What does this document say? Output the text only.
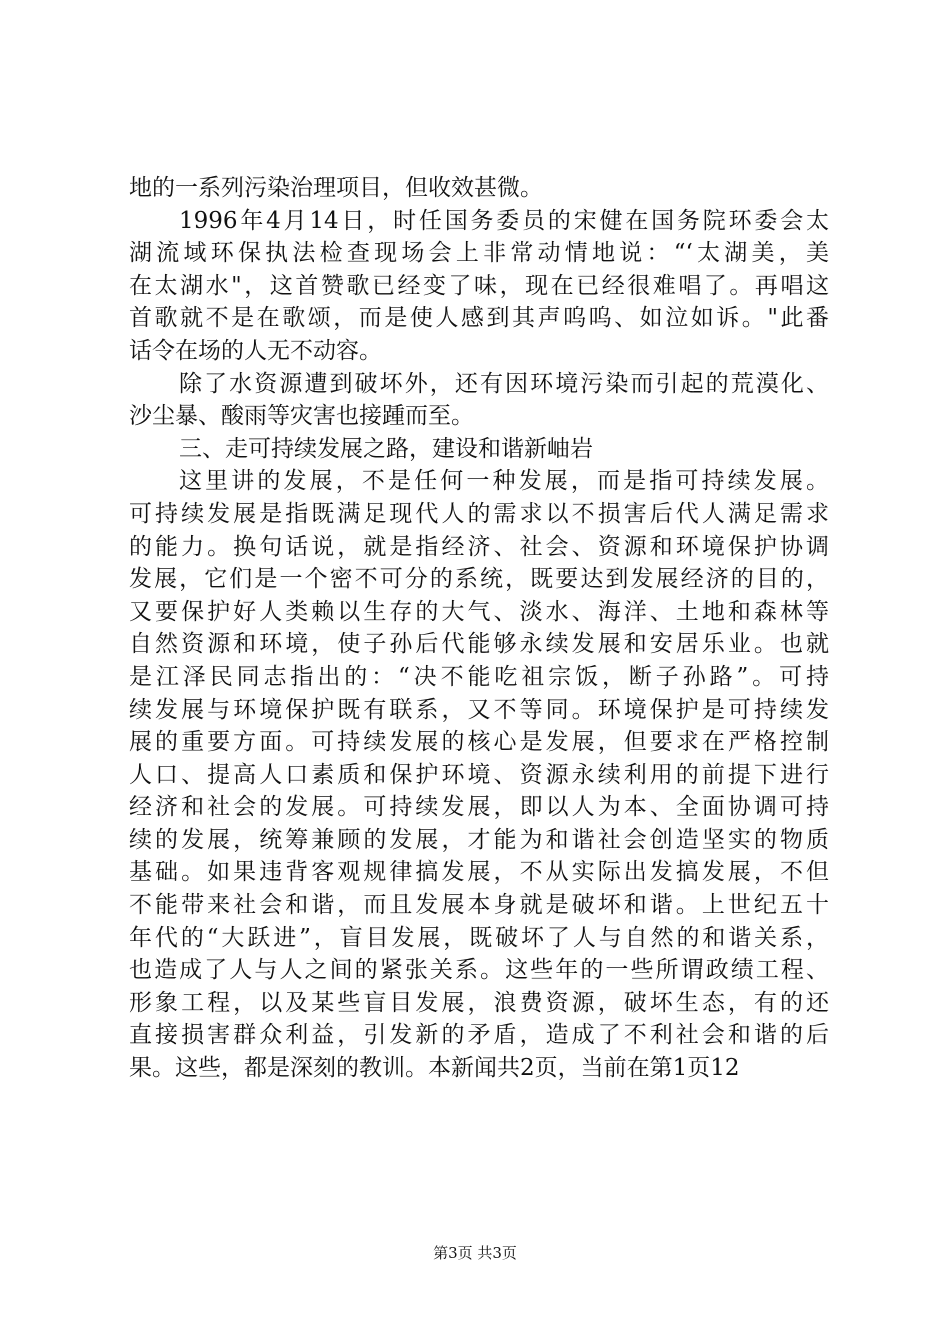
地的一系列污染治理项目，但收效甚微。
1996年4月14日，时任国务委员的宋健在国务院环委会太
湖流域环保执法检查现场会上非常动情地说：“‘太湖美，美
在太湖水"，这首赞歌已经变了味，现在已经很难唱了。再唱这
首歌就不是在歌颂，而是使人感到其声呜呜、如泣如诉。"此番
话令在场的人无不动容。
除了水资源遭到破坏外，还有因环境污染而引起的荒漠化、
沙尘暴、酸雨等灾害也接踵而至。
三、走可持续发展之路，建设和谐新岫岩
这里讲的发展，不是任何一种发展，而是指可持续发展。
可持续发展是指既满足现代人的需求以不损害后代人满足需求
的能力。换句话说，就是指经济、社会、资源和环境保护协调
发展，它们是一个密不可分的系统，既要达到发展经济的目的，
又要保护好人类赖以生存的大气、淡水、海洋、土地和森林等
自然资源和环境，使子孙后代能够永续发展和安居乐业。也就
是江泽民同志指出的：“决不能吃祖宗饭，断子孙路”。可持
续发展与环境保护既有联系，又不等同。环境保护是可持续发
展的重要方面。可持续发展的核心是发展，但要求在严格控制
人口、提高人口素质和保护环境、资源永续利用的前提下进行
经济和社会的发展。可持续发展，即以人为本、全面协调可持
续的发展，统筹兼顾的发展，才能为和谐社会创造坚实的物质
基础。如果违背客观规律搞发展，不从实际出发搞发展，不但
不能带来社会和谐，而且发展本身就是破坏和谐。上世纪五十
年代的“大跃进”，盲目发展，既破坏了人与自然的和谐关系，
也造成了人与人之间的紧张关系。这些年的一些所谓政绩工程、
形象工程，以及某些盲目发展，浪费资源，破坏生态，有的还
直接损害群众利益，引发新的矛盾，造成了不利社会和谐的后
果。这些，都是深刻的教训。本新闻共2页，当前在第1页12
第3页 共3页
